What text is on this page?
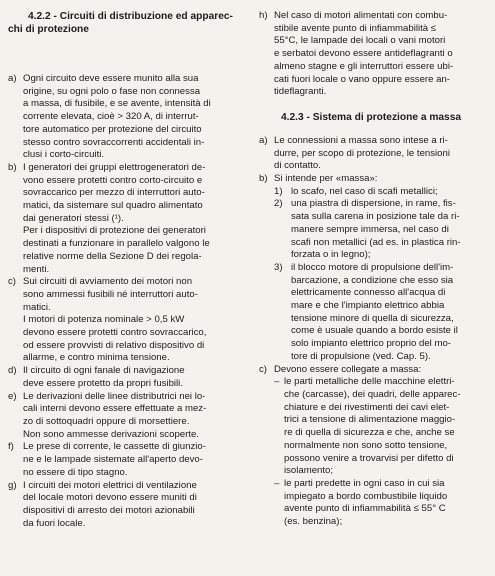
4.2.2 - Circuiti di distribuzione ed apparec-
chi di protezione
a) Ogni circuito deve essere munito alla sua
origine, su ogni polo o fase non connessa
a massa, di fusibile, e se avente, intensità di
corrente elevata, cioè > 320 A, di interrut-
tore automatico per protezione del circuito
stesso contro sovraccorrenti accidentali in-
clusi i corto-circuiti.
b) I generatori dei gruppi elettrogeneratori de-
vono essere protetti contro corto-circuito e
sovraccarico per mezzo di interruttori auto-
matici, da sistemare sul quadro alimentato
dai generatori stessi (¹).
Per i dispositivi di protezione dei generatori
destinati a funzionare in parallelo valgono le
relative norme della Sezione D dei regola-
menti.
c) Sui circuiti di avviamento dei motori non
sono ammessi fusibili né interruttori auto-
matici.
I motori di potenza nominale > 0,5 kW
devono essere protetti contro sovraccarico,
od essere provvisti di relativo dispositivo di
allarme, e contro minima tensione.
d) Il circuito di ogni fanale di navigazione
deve essere protetto da propri fusibili.
e) Le derivazioni delle linee distributrici nei lo-
cali interni devono essere effettuate a mez-
zo di sottoquadri oppure di morsettiere.
Non sono ammesse derivazioni scoperte.
f) Le prese di corrente, le cassette di giunzio-
ne e le lampade sistemate all'aperto devo-
no essere di tipo stagno.
g) I circuiti dei motori elettrici di ventilazione
del locale motori devono essere muniti di
dispositivi di arresto dei motori azionabili
da fuori locale.
h) Nel caso di motori alimentati con combu-
stibile avente punto di infiammabilità ≤
55°C, le lampade dei locali o vani motori
e serbatoi devono essere antideflagranti o
almeno stagne e gli interruttori essere ubi-
cati fuori locale o vano oppure essere an-
tideflagranti.
4.2.3 - Sistema di protezione a massa
a) Le connessioni a massa sono intese a ri-
durre, per scopo di protezione, le tensioni
di contatto.
b) Si intende per «massa»:
1) lo scafo, nel caso di scafi metallici;
2) una piastra di dispersione, in rame, fis-
sata sulla carena in posizione tale da ri-
manere sempre immersa, nel caso di
scafi non metallici (ad es. in plastica rin-
forzata o in legno);
3) il blocco motore di propulsione dell'im-
barcazione, a condizione che esso sia
elettricamente connesso all'acqua di
mare e che l'impianto elettrico abbia
tensione minore di quella di sicurezza,
come è usuale quando a bordo esiste il
solo impianto elettrico proprio del mo-
tore di propulsione (ved. Cap. 5).
c) Devono essere collegate a massa:
– le parti metalliche delle macchine elettri-
che (carcasse), dei quadri, delle apparec-
chiature e dei rivestimenti dei cavi elet-
trici a tensione di alimentazione maggio-
re di quella di sicurezza e che, anche se
normalmente non sono sotto tensione,
possono venire a trovarvisi per difetto di
isolamento;
– le parti predette in ogni caso in cui sia
impiegato a bordo combustibile liquido
avente punto di infiammabilità ≤ 55° C
(es. benzina);
